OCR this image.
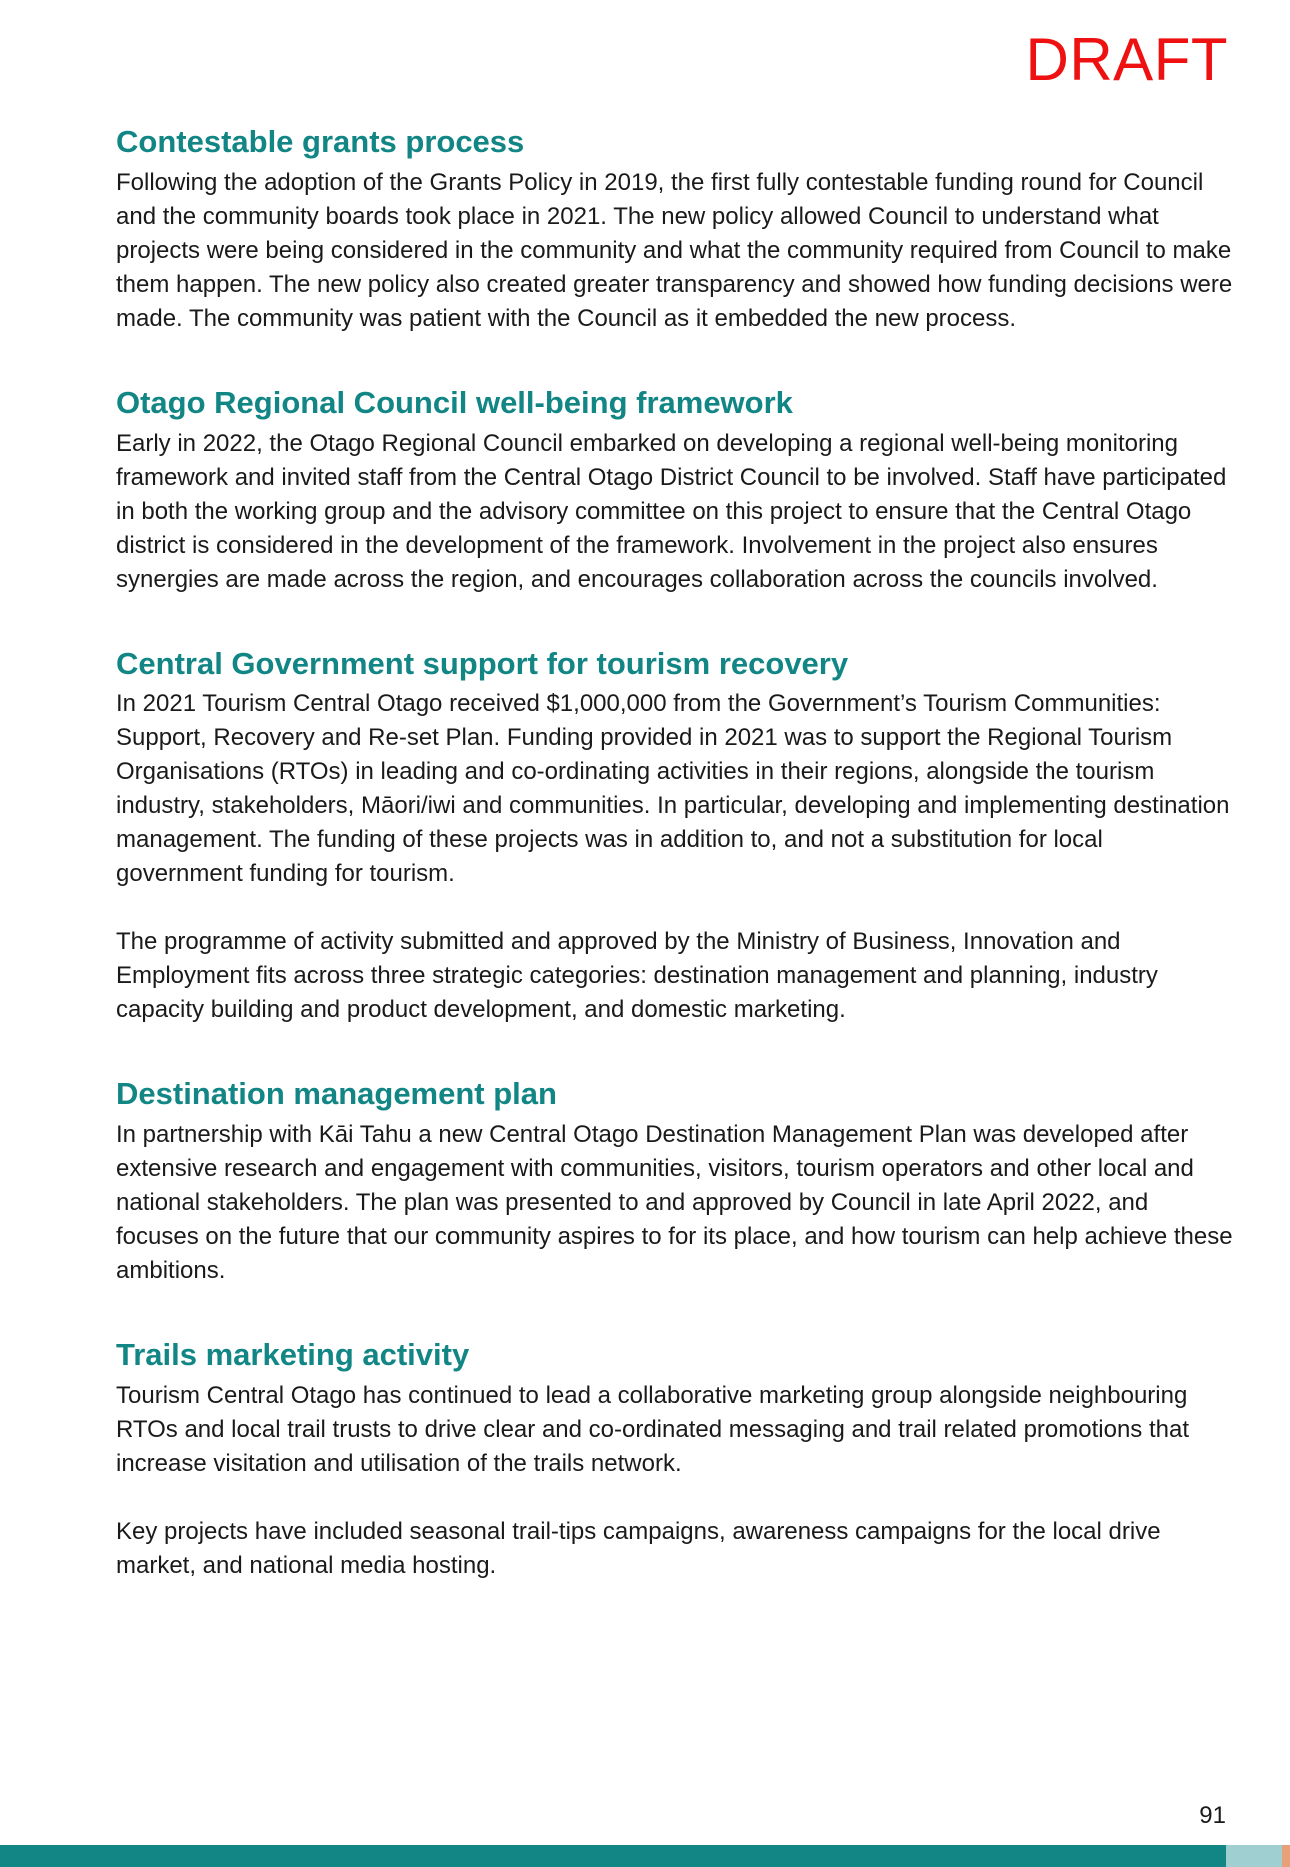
DRAFT
Contestable grants process

Following the adoption of the Grants Policy in 2019, the first fully contestable funding round for Council and the community boards took place in 2021. The new policy allowed Council to understand what projects were being considered in the community and what the community required from Council to make them happen. The new policy also created greater transparency and showed how funding decisions were made. The community was patient with the Council as it embedded the new process.

Otago Regional Council well-being framework

Early in 2022, the Otago Regional Council embarked on developing a regional well-being monitoring framework and invited staff from the Central Otago District Council to be involved. Staff have participated in both the working group and the advisory committee on this project to ensure that the Central Otago district is considered in the development of the framework. Involvement in the project also ensures synergies are made across the region, and encourages collaboration across the councils involved.

Central Government support for tourism recovery

In 2021 Tourism Central Otago received $1,000,000 from the Government’s Tourism Communities: Support, Recovery and Re-set Plan. Funding provided in 2021 was to support the Regional Tourism Organisations (RTOs) in leading and co-ordinating activities in their regions, alongside the tourism industry, stakeholders, Māori/iwi and communities. In particular, developing and implementing destination management. The funding of these projects was in addition to, and not a substitution for local government funding for tourism.

The programme of activity submitted and approved by the Ministry of Business, Innovation and Employment fits across three strategic categories: destination management and planning, industry capacity building and product development, and domestic marketing.

Destination management plan

In partnership with Kāi Tahu a new Central Otago Destination Management Plan was developed after extensive research and engagement with communities, visitors, tourism operators and other local and national stakeholders. The plan was presented to and approved by Council in late April 2022, and focuses on the future that our community aspires to for its place, and how tourism can help achieve these ambitions.

Trails marketing activity

Tourism Central Otago has continued to lead a collaborative marketing group alongside neighbouring RTOs and local trail trusts to drive clear and co-ordinated messaging and trail related promotions that increase visitation and utilisation of the trails network.

Key projects have included seasonal trail-tips campaigns, awareness campaigns for the local drive market, and national media hosting.

91
